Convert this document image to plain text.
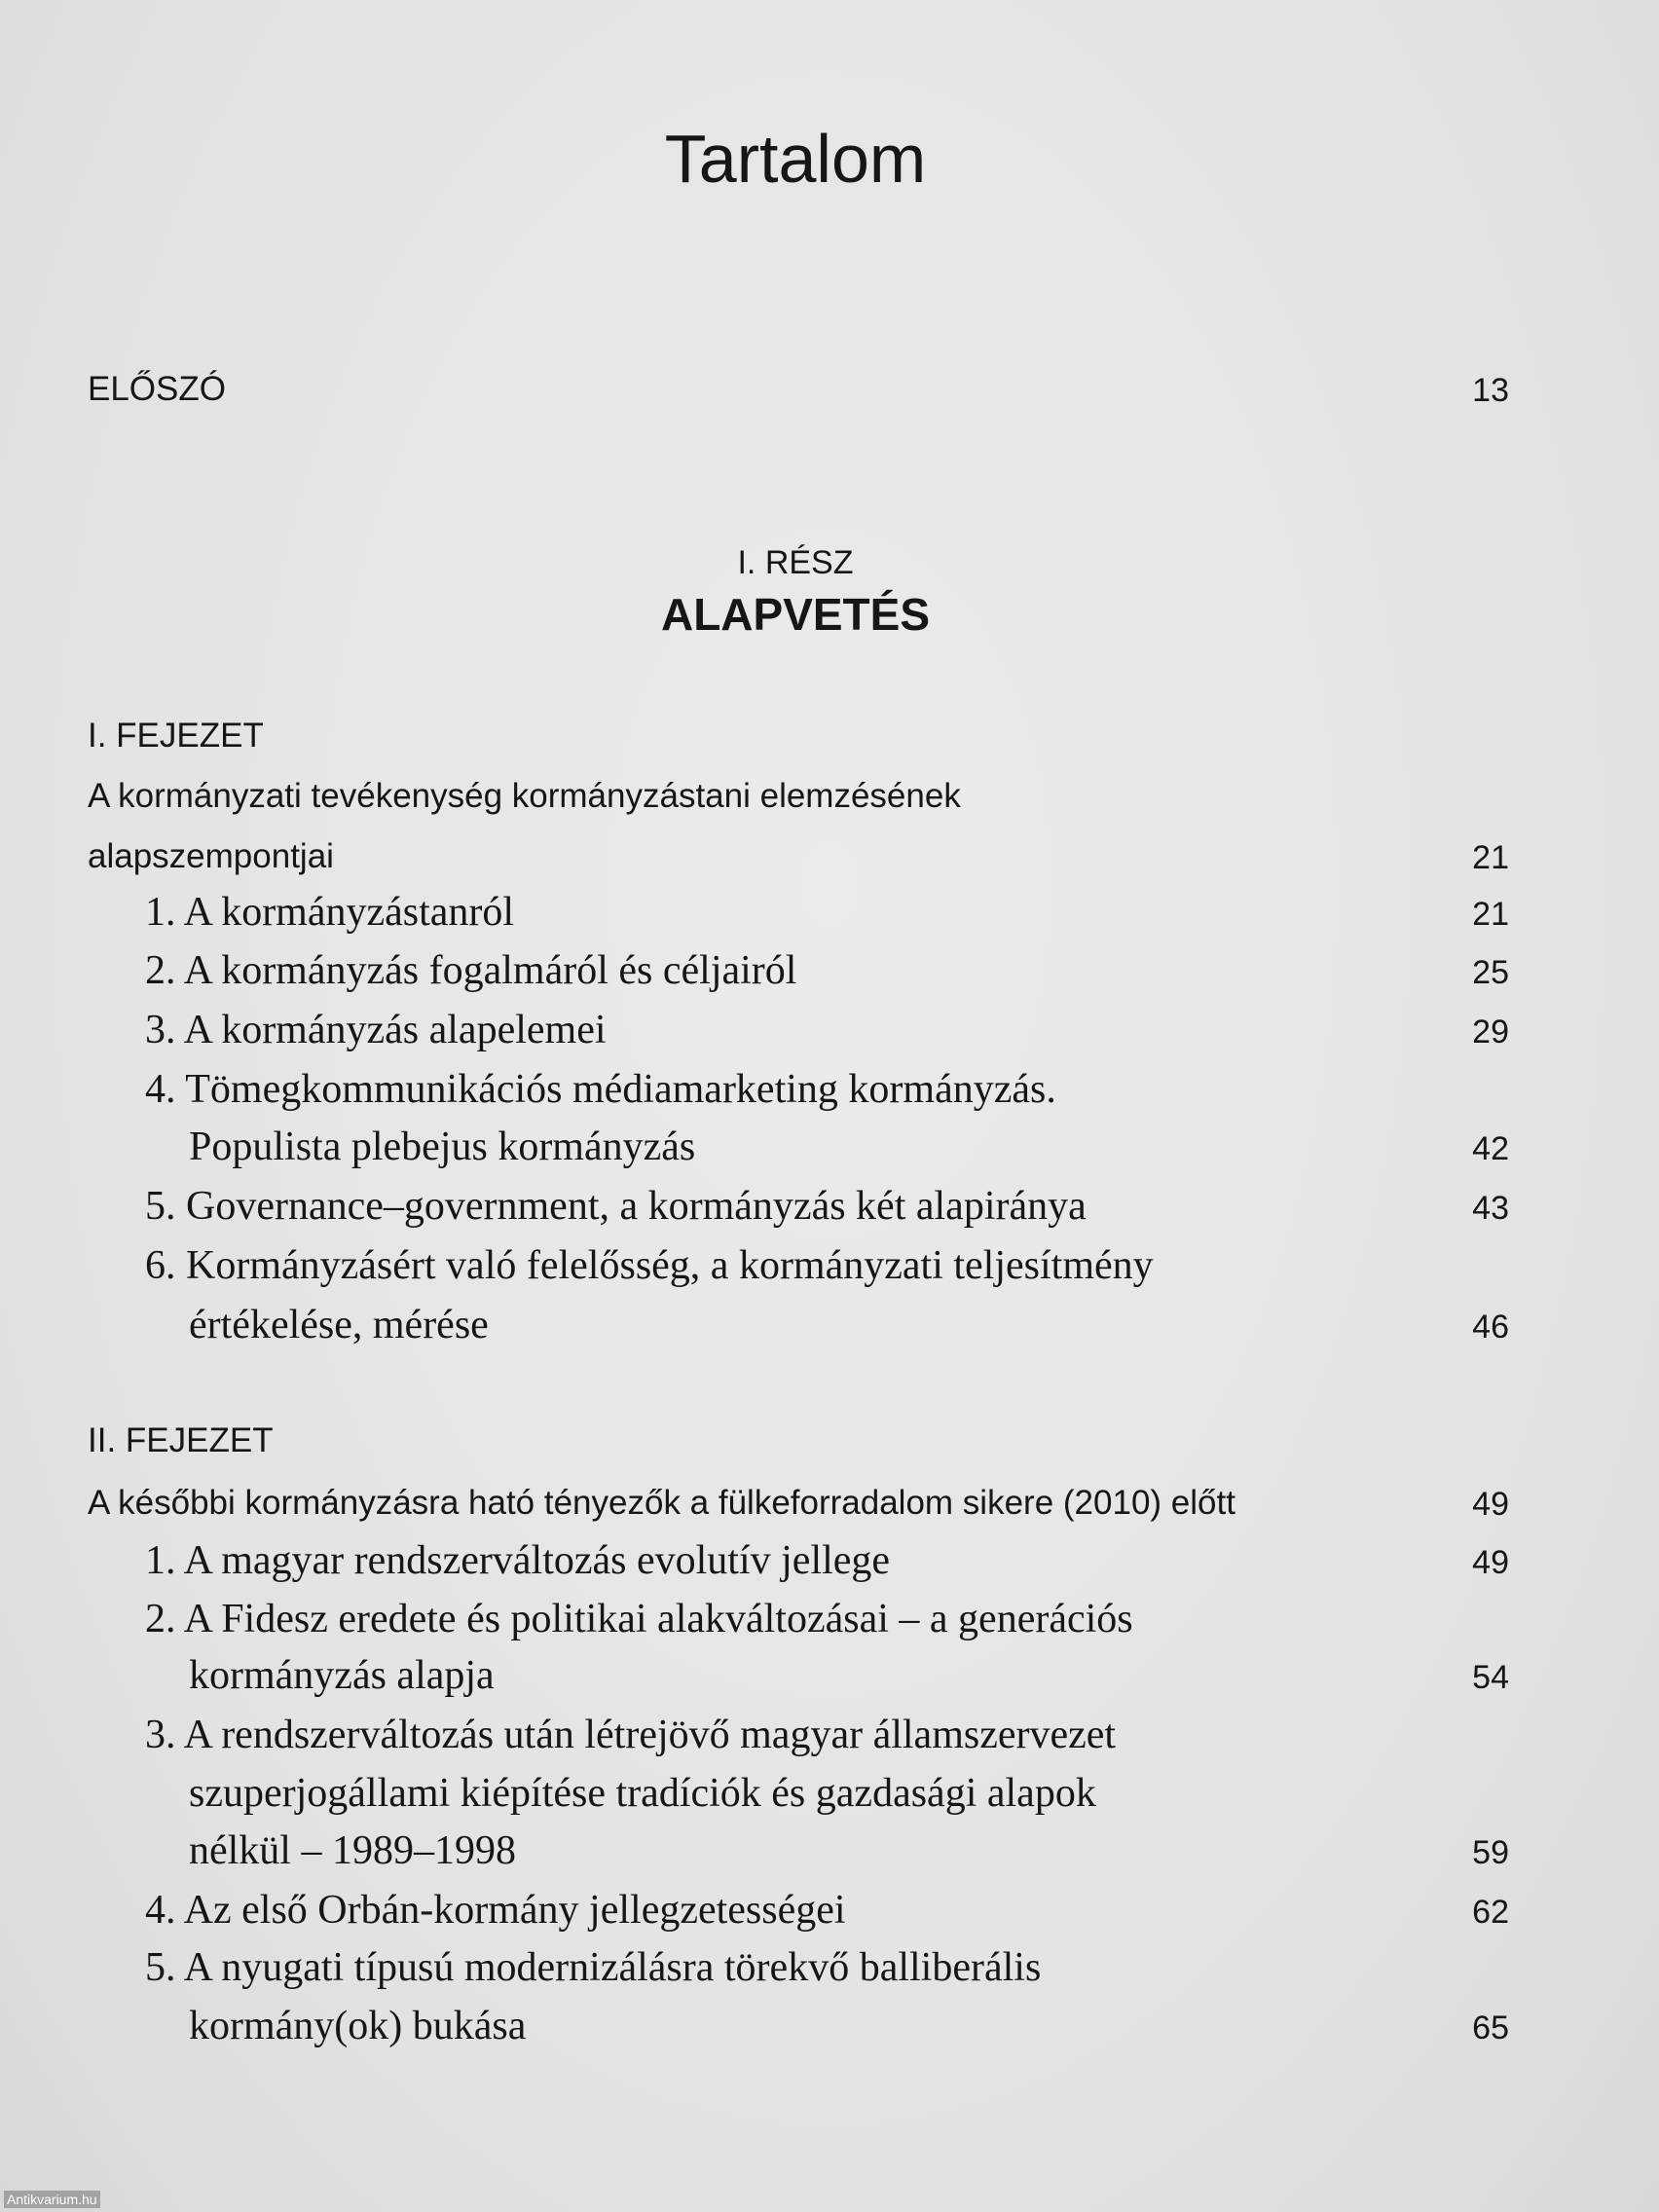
Tartalom
ELŐSZÓ	13
I. RÉSZ
ALAPVETÉS
I. FEJEZET
A kormányzati tevékenység kormányzástani elemzésének
alapszempontjai	21
1. A kormányzástanról	21
2. A kormányzás fogalmáról és céljairól	25
3. A kormányzás alapelemei	29
4. Tömegkommunikációs médiamarketing kormányzás.
Populista plebejus kormányzás	42
5. Governance–government, a kormányzás két alapiránya	43
6. Kormányzásért való felelősség, a kormányzati teljesítmény
értékelése, mérése	46
II. FEJEZET
A későbbi kormányzásra ható tényezők a fülkeforradalom sikere (2010) előtt	49
1. A magyar rendszerváltozás evolutív jellege	49
2. A Fidesz eredete és politikai alakváltozásai – a generációs
kormányzás alapja	54
3. A rendszerváltozás után létrejövő magyar államszervezet
szuperjogállami kiépítése tradíciók és gazdasági alapok
nélkül – 1989–1998	59
4. Az első Orbán-kormány jellegzetességei	62
5. A nyugati típusú modernizálásra törekvő balliberális
kormány(ok) bukása	65
Antikvarium.hu
